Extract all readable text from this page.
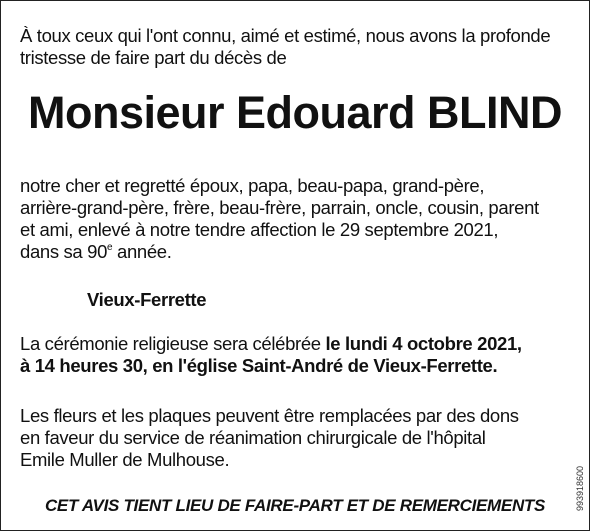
À toux ceux qui l'ont connu, aimé et estimé, nous avons la profonde
tristesse de faire part du décès de
Monsieur Edouard BLIND
notre cher et regretté époux, papa, beau-papa, grand-père,
arrière-grand-père, frère, beau-frère, parrain, oncle, cousin, parent
et ami, enlevé à notre tendre affection le 29 septembre 2021,
dans sa 90e année.
Vieux-Ferrette
La cérémonie religieuse sera célébrée le lundi 4 octobre 2021,
à 14 heures 30, en l'église Saint-André de Vieux-Ferrette.
Les fleurs et les plaques peuvent être remplacées par des dons
en faveur du service de réanimation chirurgicale de l'hôpital
Emile Muller de Mulhouse.
CET AVIS TIENT LIEU DE FAIRE-PART ET DE REMERCIEMENTS	993918600
